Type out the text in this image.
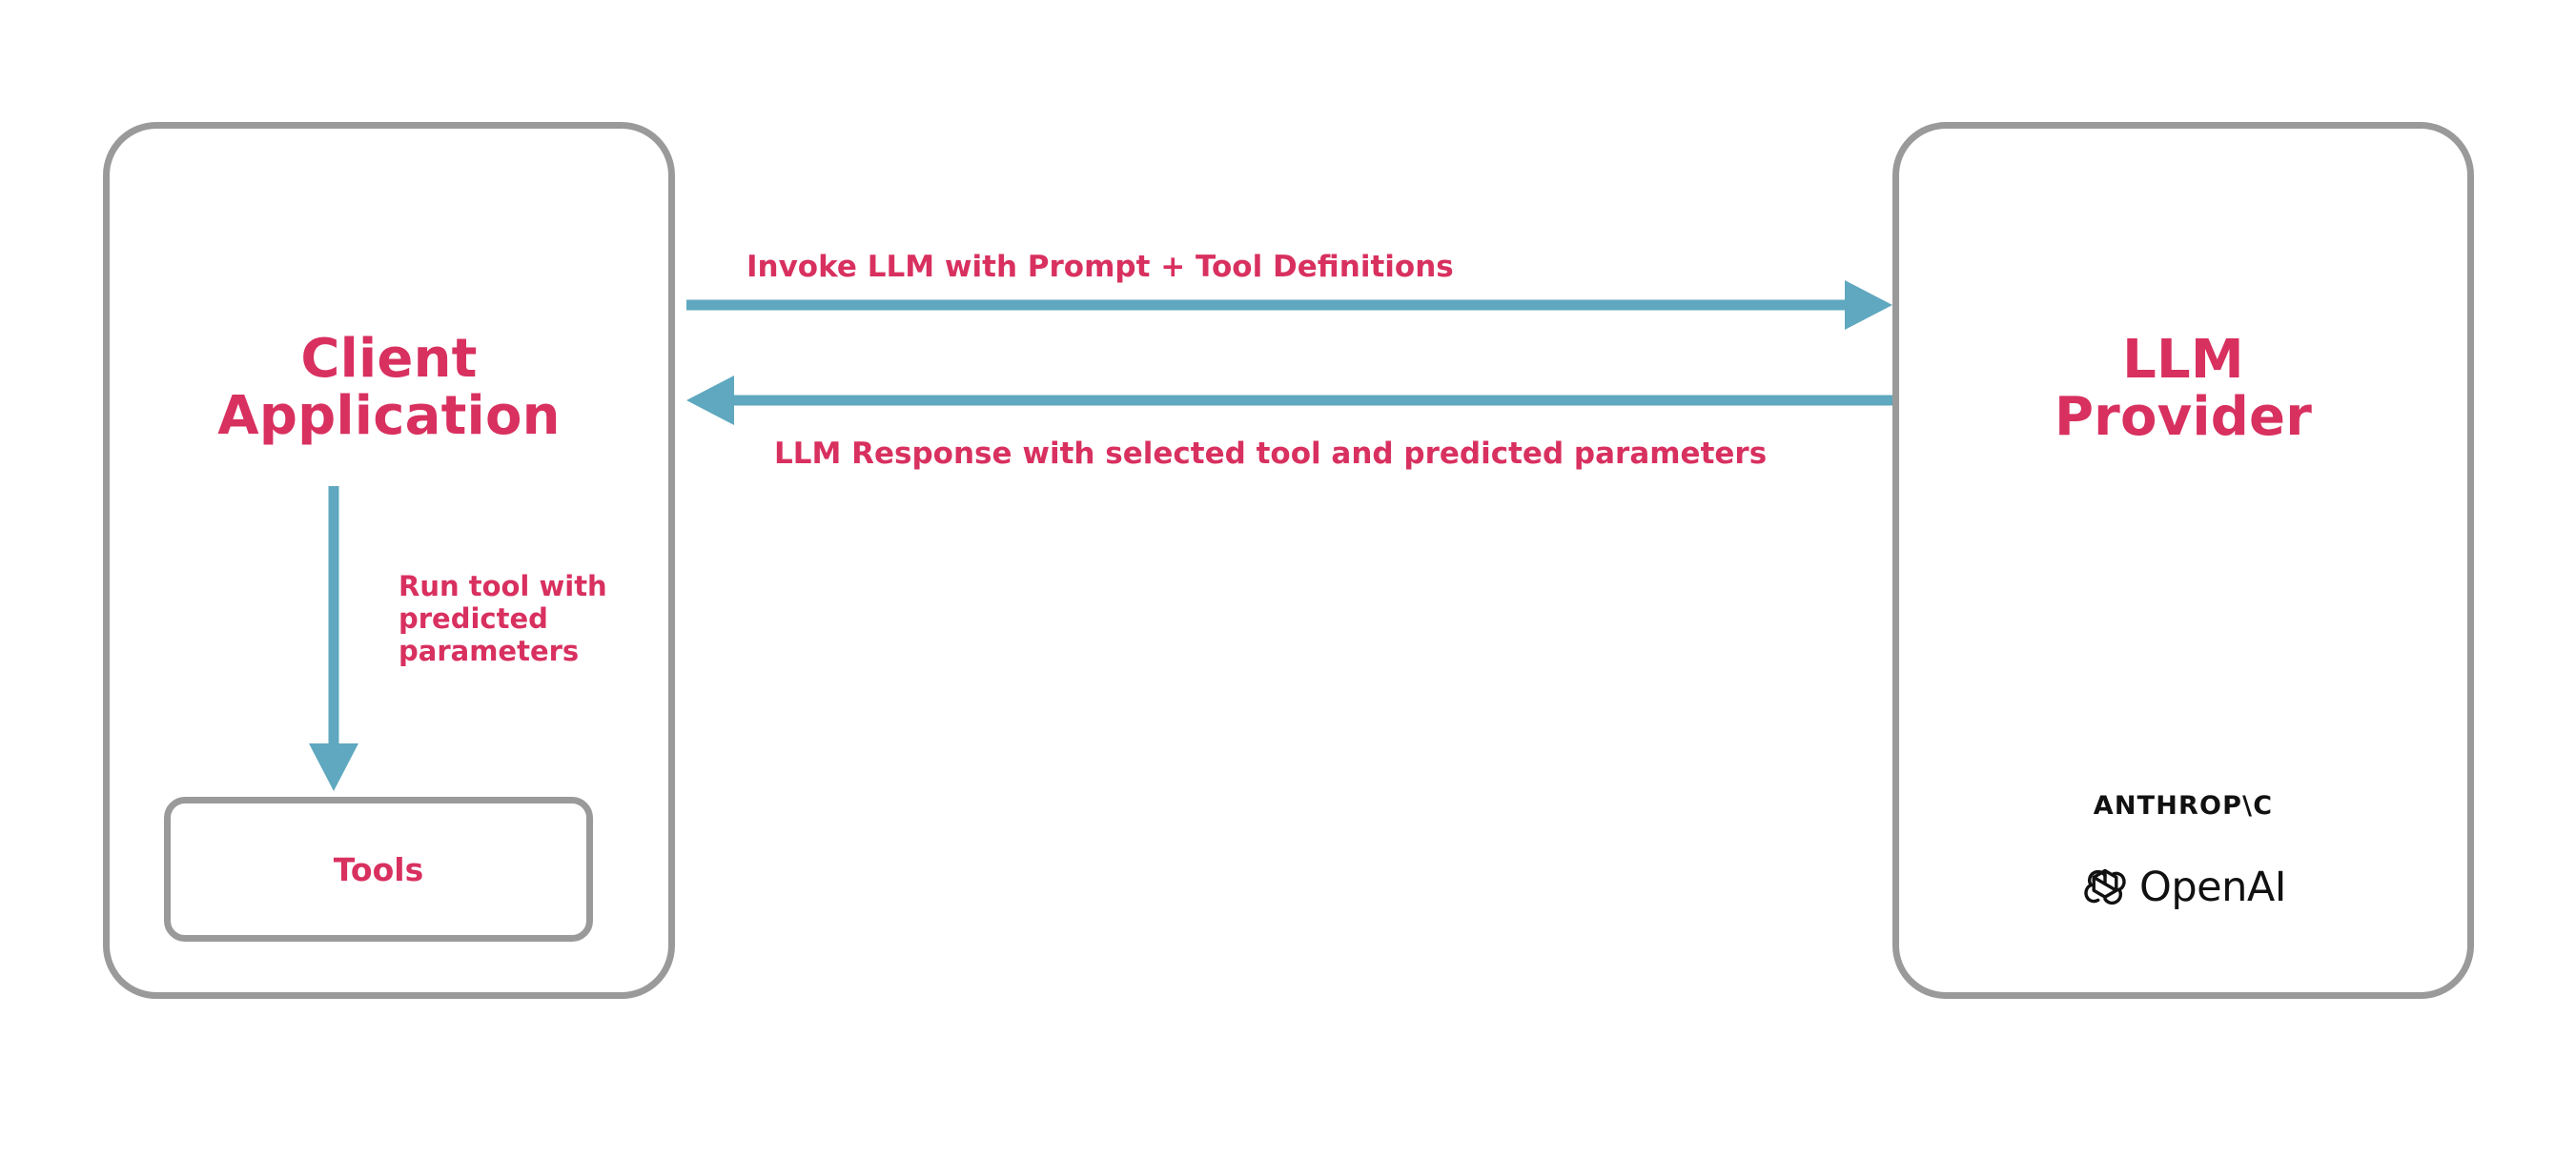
Client
Application
Tools
LLM
Provider
Invoke LLM with Prompt + Tool Definitions
LLM Response with selected tool and predicted parameters
Run tool with predicted parameters
ANTHROP\C
OpenAI
